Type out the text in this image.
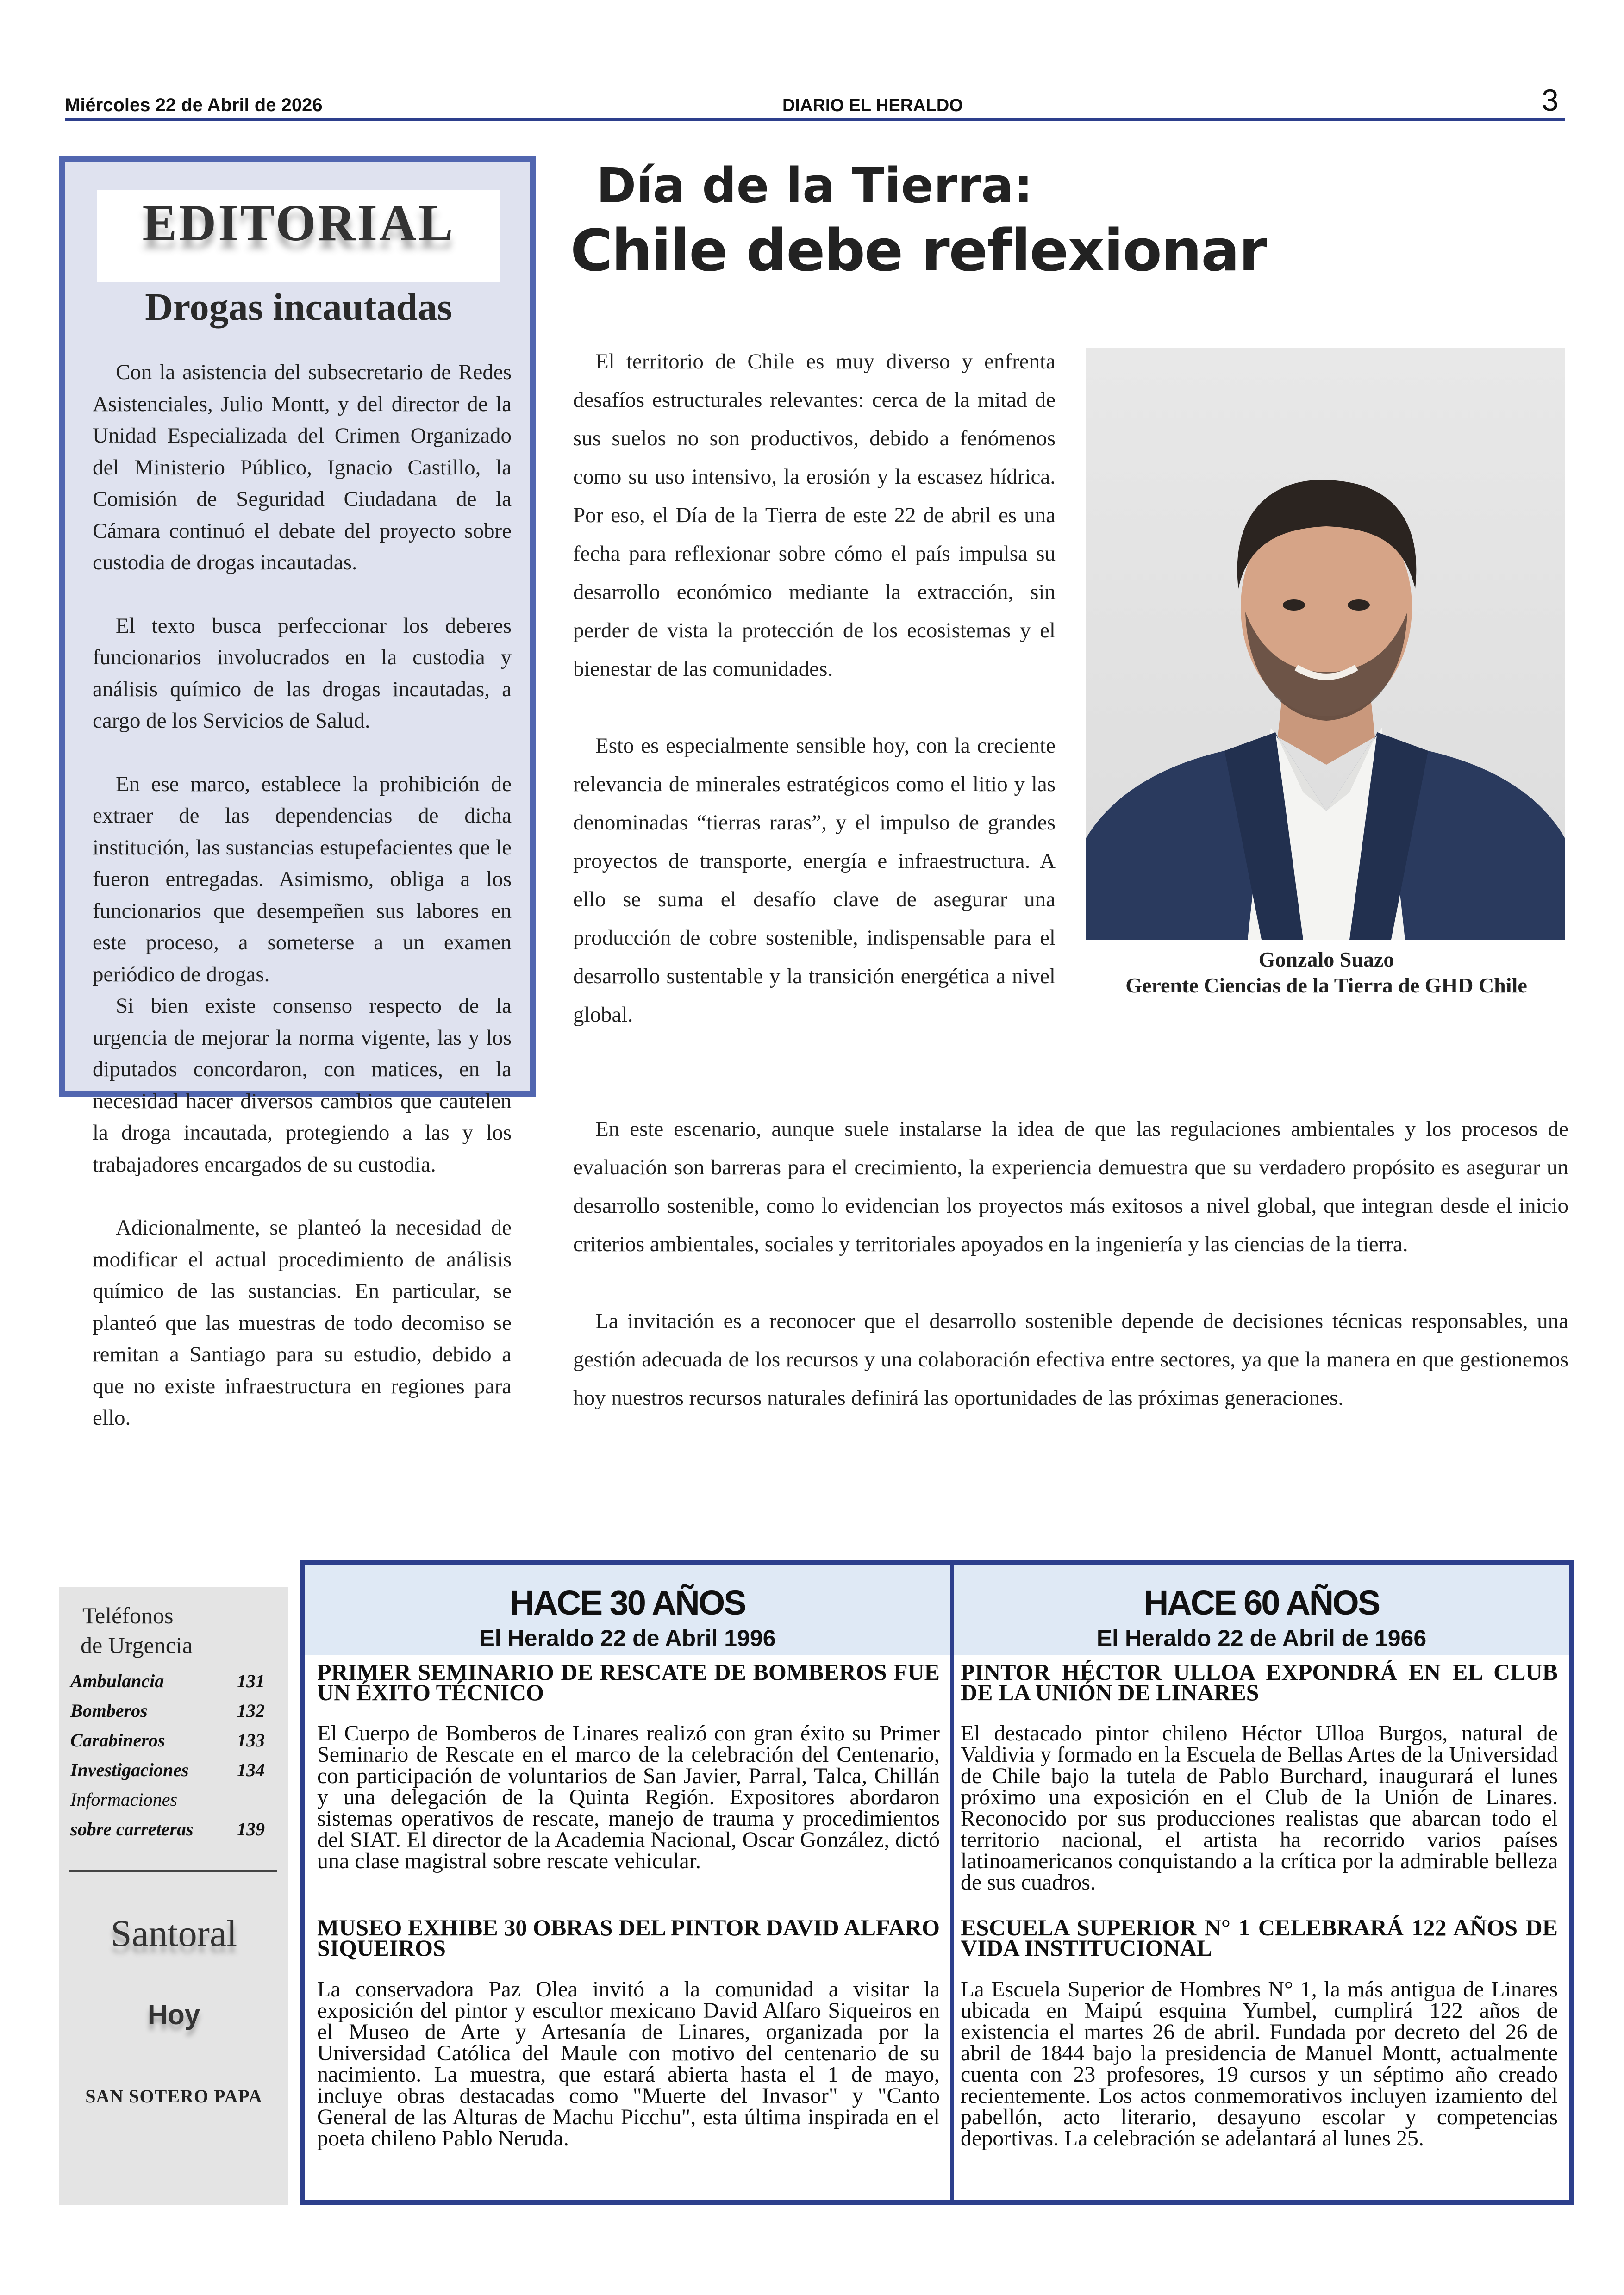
Miércoles 22 de Abril de 2026	DIARIO EL HERALDO	3
EDITORIAL
Drogas incautadas

Con la asistencia del subsecretario de Redes Asistenciales, Julio Montt, y del director de la Unidad Especializada del Crimen Organizado del Ministerio Público, Ignacio Castillo, la Comisión de Seguridad Ciudadana de la Cámara continuó el debate del proyecto sobre custodia de drogas incautadas.

El texto busca perfeccionar los deberes funcionarios involucrados en la custodia y análisis químico de las drogas incautadas, a cargo de los Servicios de Salud.

En ese marco, establece la prohibición de extraer de las dependencias de dicha institución, las sustancias estupefacientes que le fueron entregadas. Asimismo, obliga a los funcionarios que desempeñen sus labores en este proceso, a someterse a un examen periódico de drogas.

Si bien existe consenso respecto de la urgencia de mejorar la norma vigente, las y los diputados concordaron, con matices, en la necesidad hacer diversos cambios que cautelen la droga incautada, protegiendo a las y los trabajadores encargados de su custodia.

Adicionalmente, se planteó la necesidad de modificar el actual procedimiento de análisis químico de las sustancias. En particular, se planteó que las muestras de todo decomiso se remitan a Santiago para su estudio, debido a que no existe infraestructura en regiones para ello.

Día de la Tierra:
Chile debe reflexionar

El territorio de Chile es muy diverso y enfrenta desafíos estructurales relevantes: cerca de la mitad de sus suelos no son productivos, debido a fenómenos como su uso intensivo, la erosión y la escasez hídrica. Por eso, el Día de la Tierra de este 22 de abril es una fecha para reflexionar sobre cómo el país impulsa su desarrollo económico mediante la extracción, sin perder de vista la protección de los ecosistemas y el bienestar de las comunidades.

Esto es especialmente sensible hoy, con la creciente relevancia de minerales estratégicos como el litio y las denominadas “tierras raras”, y el impulso de grandes proyectos de transporte, energía e infraestructura. A ello se suma el desafío clave de asegurar una producción de cobre sostenible, indispensable para el desarrollo sustentable y la transición energética a nivel global.

Gonzalo Suazo
Gerente Ciencias de la Tierra de GHD Chile

En este escenario, aunque suele instalarse la idea de que las regulaciones ambientales y los procesos de evaluación son barreras para el crecimiento, la experiencia demuestra que su verdadero propósito es asegurar un desarrollo sostenible, como lo evidencian los proyectos más exitosos a nivel global, que integran desde el inicio criterios ambientales, sociales y territoriales apoyados en la ingeniería y las ciencias de la tierra.

La invitación es a reconocer que el desarrollo sostenible depende de decisiones técnicas responsables, una gestión adecuada de los recursos y una colaboración efectiva entre sectores, ya que la manera en que gestionemos hoy nuestros recursos naturales definirá las oportunidades de las próximas generaciones.

Teléfonos
de Urgencia
Ambulancia	131
Bomberos	132
Carabineros	133
Investigaciones	134
Informaciones
sobre carreteras 139
Santoral
Hoy
SAN SOTERO PAPA
HACE 30 AÑOS
El Heraldo 22 de Abril 1996
PRIMER SEMINARIO DE RESCATE DE BOMBEROS FUE UN ÉXITO TÉCNICO
El Cuerpo de Bomberos de Linares realizó con gran éxito su Primer Seminario de Rescate en el marco de la celebración del Centenario, con participación de voluntarios de San Javier, Parral, Talca, Chillán y una delegación de la Quinta Región. Expositores abordaron sistemas operativos de rescate, manejo de trauma y procedimientos del SIAT. El director de la Academia Nacional, Oscar González, dictó una clase magistral sobre rescate vehicular.
MUSEO EXHIBE 30 OBRAS DEL PINTOR DAVID ALFARO SIQUEIROS
La conservadora Paz Olea invitó a la comunidad a visitar la exposición del pintor y escultor mexicano David Alfaro Siqueiros en el Museo de Arte y Artesanía de Linares, organizada por la Universidad Católica del Maule con motivo del centenario de su nacimiento. La muestra, que estará abierta hasta el 1 de mayo, incluye obras destacadas como "Muerte del Invasor" y "Canto General de las Alturas de Machu Picchu", esta última inspirada en el poeta chileno Pablo Neruda.
HACE 60 AÑOS
El Heraldo 22 de Abril de 1966
PINTOR HÉCTOR ULLOA EXPONDRÁ EN EL CLUB DE LA UNIÓN DE LINARES
El destacado pintor chileno Héctor Ulloa Burgos, natural de Valdivia y formado en la Escuela de Bellas Artes de la Universidad de Chile bajo la tutela de Pablo Burchard, inaugurará el lunes próximo una exposición en el Club de la Unión de Linares. Reconocido por sus producciones realistas que abarcan todo el territorio nacional, el artista ha recorrido varios países latinoamericanos conquistando a la crítica por la admirable belleza de sus cuadros.
ESCUELA SUPERIOR N° 1 CELEBRARÁ 122 AÑOS DE VIDA INSTITUCIONAL
La Escuela Superior de Hombres N° 1, la más antigua de Linares ubicada en Maipú esquina Yumbel, cumplirá 122 años de existencia el martes 26 de abril. Fundada por decreto del 26 de abril de 1844 bajo la presidencia de Manuel Montt, actualmente cuenta con 23 profesores, 19 cursos y un séptimo año creado recientemente. Los actos conmemorativos incluyen izamiento del pabellón, acto literario, desayuno escolar y competencias deportivas. La celebración se adelantará al lunes 25.
